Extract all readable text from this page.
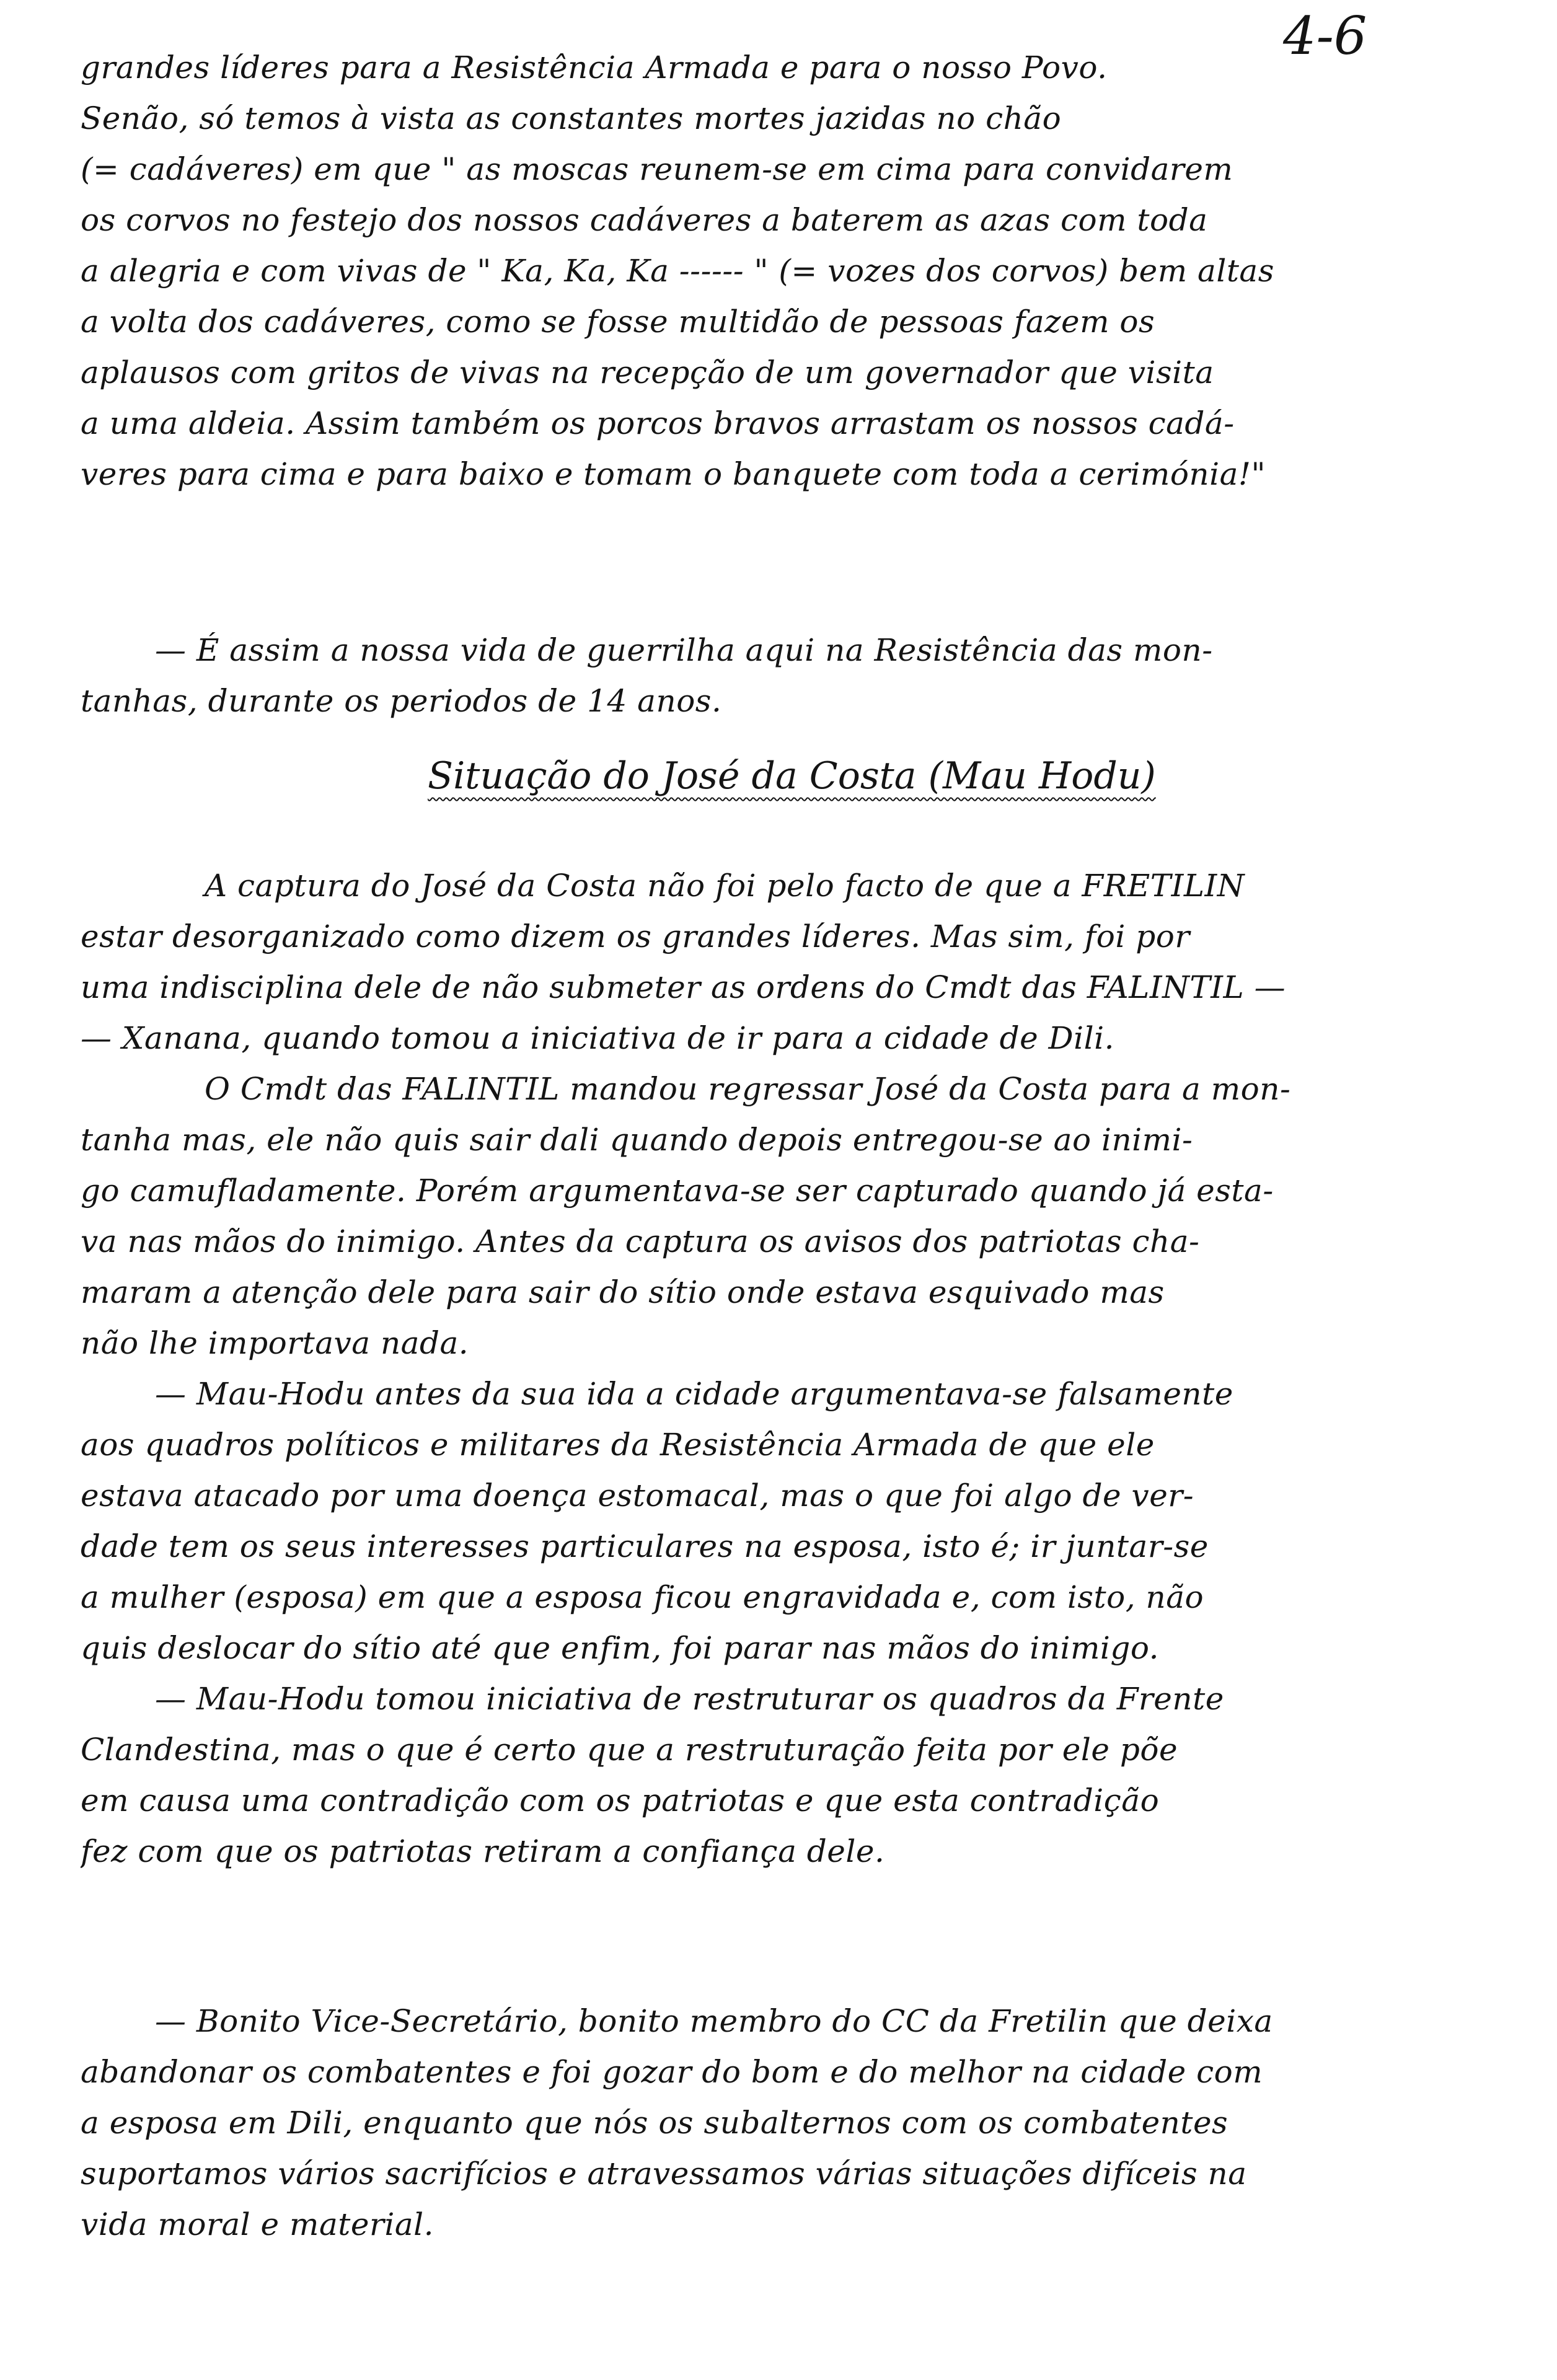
4-6
grandes líderes para a Resistência Armada e para o nosso Povo.
Senão, só temos à vista as constantes mortes jazidas no chão
(= cadáveres) em que " as moscas reunem-se em cima para convidarem
os corvos no festejo dos nossos cadáveres a baterem as azas com toda
a alegria e com vivas de " Ka, Ka, Ka ------ " (= vozes dos corvos) bem altas
a volta dos cadáveres, como se fosse multidão de pessoas fazem os
aplausos com gritos de vivas na recepção de um governador que visita
a uma aldeia. Assim também os porcos bravos arrastam os nossos cadá-
veres para cima e para baixo e tomam o banquete com toda a cerimónia!"
— É assim a nossa vida de guerrilha aqui na Resistência das mon-
tanhas, durante os periodos de 14 anos.
Situação do José da Costa (Mau Hodu)
A captura do José da Costa não foi pelo facto de que a FRETILIN
estar desorganizado como dizem os grandes líderes. Mas sim, foi por
uma indisciplina dele de não submeter as ordens do Cmdt das FALINTIL —
— Xanana, quando tomou a iniciativa de ir para a cidade de Dili.
O Cmdt das FALINTIL mandou regressar José da Costa para a mon-
tanha mas, ele não quis sair dali quando depois entregou-se ao inimi-
go camufladamente. Porém argumentava-se ser capturado quando já esta-
va nas mãos do inimigo. Antes da captura os avisos dos patriotas cha-
maram a atenção dele para sair do sítio onde estava esquivado mas
não lhe importava nada.
— Mau-Hodu antes da sua ida a cidade argumentava-se falsamente
aos quadros políticos e militares da Resistência Armada de que ele
estava atacado por uma doença estomacal, mas o que foi algo de ver-
dade tem os seus interesses particulares na esposa, isto é; ir juntar-se
a mulher (esposa) em que a esposa ficou engravidada e, com isto, não
quis deslocar do sítio até que enfim, foi parar nas mãos do inimigo.
— Mau-Hodu tomou iniciativa de restruturar os quadros da Frente
Clandestina, mas o que é certo que a restruturação feita por ele põe
em causa uma contradição com os patriotas e que esta contradição
fez com que os patriotas retiram a confiança dele.
— Bonito Vice-Secretário, bonito membro do CC da Fretilin que deixa
abandonar os combatentes e foi gozar do bom e do melhor na cidade com
a esposa em Dili, enquanto que nós os subalternos com os combatentes
suportamos vários sacrifícios e atravessamos várias situações difíceis na
vida moral e material.
